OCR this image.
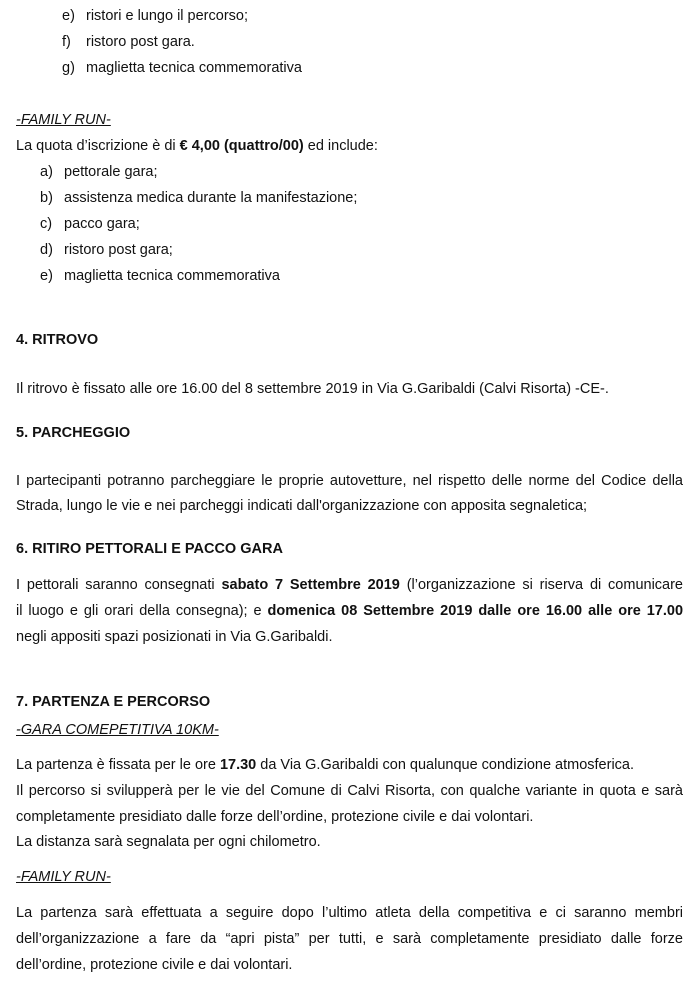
e) ristori e lungo il percorso;
f) ristoro post gara.
g) maglietta tecnica commemorativa
-FAMILY RUN-
La quota d’iscrizione è di € 4,00 (quattro/00) ed include:
a) pettorale gara;
b) assistenza medica durante la manifestazione;
c) pacco gara;
d) ristoro post gara;
e) maglietta tecnica commemorativa
4. RITROVO
Il ritrovo è fissato alle ore 16.00 del 8 settembre 2019 in Via G.Garibaldi (Calvi Risorta) -CE-.
5. PARCHEGGIO
I partecipanti potranno parcheggiare le proprie autovetture, nel rispetto delle norme del Codice della
Strada, lungo le vie e nei parcheggi indicati dall'organizzazione con apposita segnaletica;
6. RITIRO PETTORALI E PACCO GARA
I pettorali saranno consegnati sabato 7 Settembre 2019 (l’organizzazione si riserva di comunicare
il luogo e gli orari della consegna); e domenica 08 Settembre 2019 dalle ore 16.00 alle ore 17.00
negli appositi spazi posizionati in Via G.Garibaldi.
7. PARTENZA E PERCORSO
-GARA COMEPETITIVA 10KM-
La partenza è fissata per le ore 17.30 da Via G.Garibaldi con qualunque condizione atmosferica.
Il percorso si svilupperà per le vie del Comune di Calvi Risorta, con qualche variante in quota e sarà
completamente presidiato dalle forze dell’ordine, protezione civile e dai volontari.
La distanza sarà segnalata per ogni chilometro.
-FAMILY RUN-
La partenza sarà effettuata a seguire dopo l’ultimo atleta della competitiva e ci saranno membri
dell’organizzazione a fare da “apri pista” per tutti, e sarà completamente presidiato dalle forze
dell’ordine, protezione civile e dai volontari.
